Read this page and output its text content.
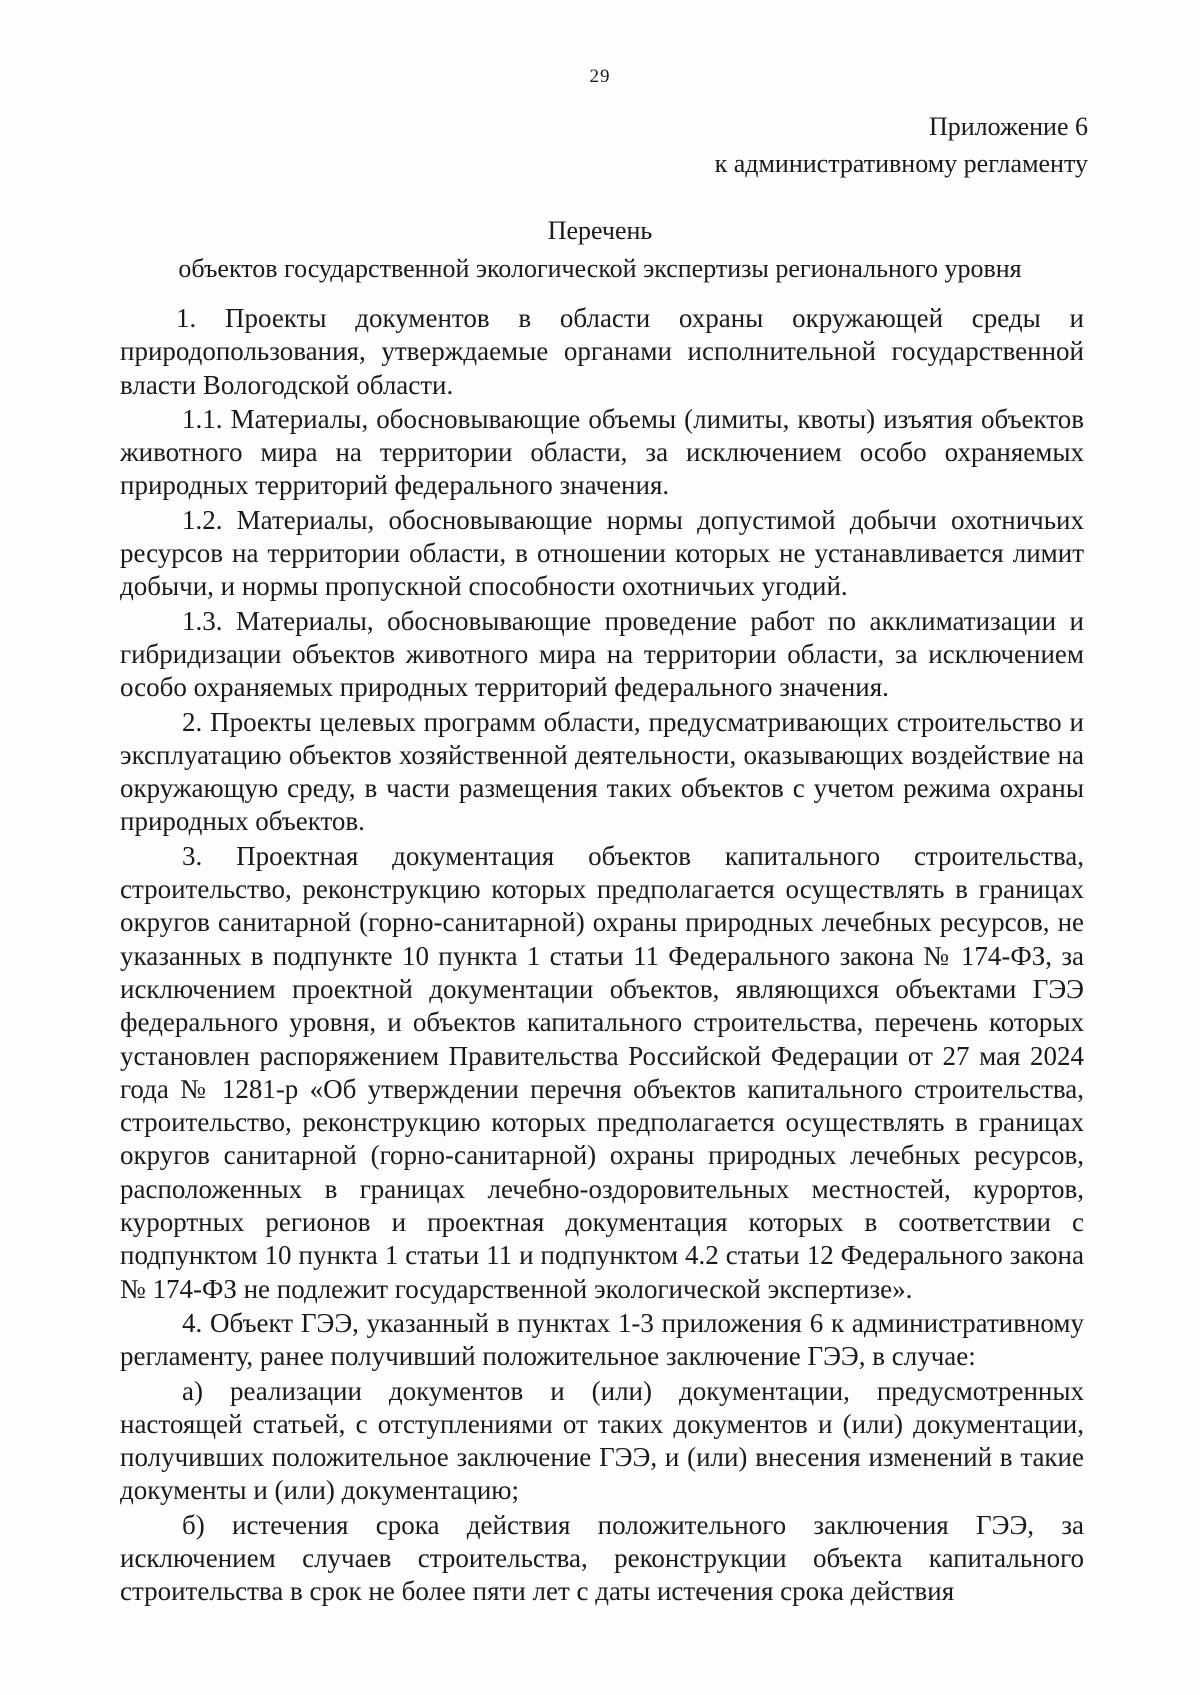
29
Приложение 6
к административному регламенту
Перечень
объектов государственной экологической экспертизы регионального уровня

1. Проекты документов в области охраны окружающей среды и природопользования, утверждаемые органами исполнительной государственной власти Вологодской области.

1.1. Материалы, обосновывающие объемы (лимиты, квоты) изъятия объектов животного мира на территории области, за исключением особо охраняемых природных территорий федерального значения.

1.2. Материалы, обосновывающие нормы допустимой добычи охотничьих ресурсов на территории области, в отношении которых не устанавливается лимит добычи, и нормы пропускной способности охотничьих угодий.

1.3. Материалы, обосновывающие проведение работ по акклиматизации и гибридизации объектов животного мира на территории области, за исключением особо охраняемых природных территорий федерального значения.

2. Проекты целевых программ области, предусматривающих строительство и эксплуатацию объектов хозяйственной деятельности, оказывающих воздействие на окружающую среду, в части размещения таких объектов с учетом режима охраны природных объектов.

3. Проектная документация объектов капитального строительства, строительство, реконструкцию которых предполагается осуществлять в границах округов санитарной (горно-санитарной) охраны природных лечебных ресурсов, не указанных в подпункте 10 пункта 1 статьи 11 Федерального закона № 174-ФЗ, за исключением проектной документации объектов, являющихся объектами ГЭЭ федерального уровня, и объектов капитального строительства, перечень которых установлен распоряжением Правительства Российской Федерации от 27 мая 2024 года № 1281-р «Об утверждении перечня объектов капитального строительства, строительство, реконструкцию которых предполагается осуществлять в границах округов санитарной (горно-санитарной) охраны природных лечебных ресурсов, расположенных в границах лечебно-оздоровительных местностей, курортов, курортных регионов и проектная документация которых в соответствии с подпунктом 10 пункта 1 статьи 11 и подпунктом 4.2 статьи 12 Федерального закона № 174-ФЗ не подлежит государственной экологической экспертизе».

4. Объект ГЭЭ, указанный в пунктах 1-3 приложения 6 к административному регламенту, ранее получивший положительное заключение ГЭЭ, в случае:

а) реализации документов и (или) документации, предусмотренных настоящей статьей, с отступлениями от таких документов и (или) документации, получивших положительное заключение ГЭЭ, и (или) внесения изменений в такие документы и (или) документацию;

б) истечения срока действия положительного заключения ГЭЭ, за исключением случаев строительства, реконструкции объекта капитального строительства в срок не более пяти лет с даты истечения срока действия
